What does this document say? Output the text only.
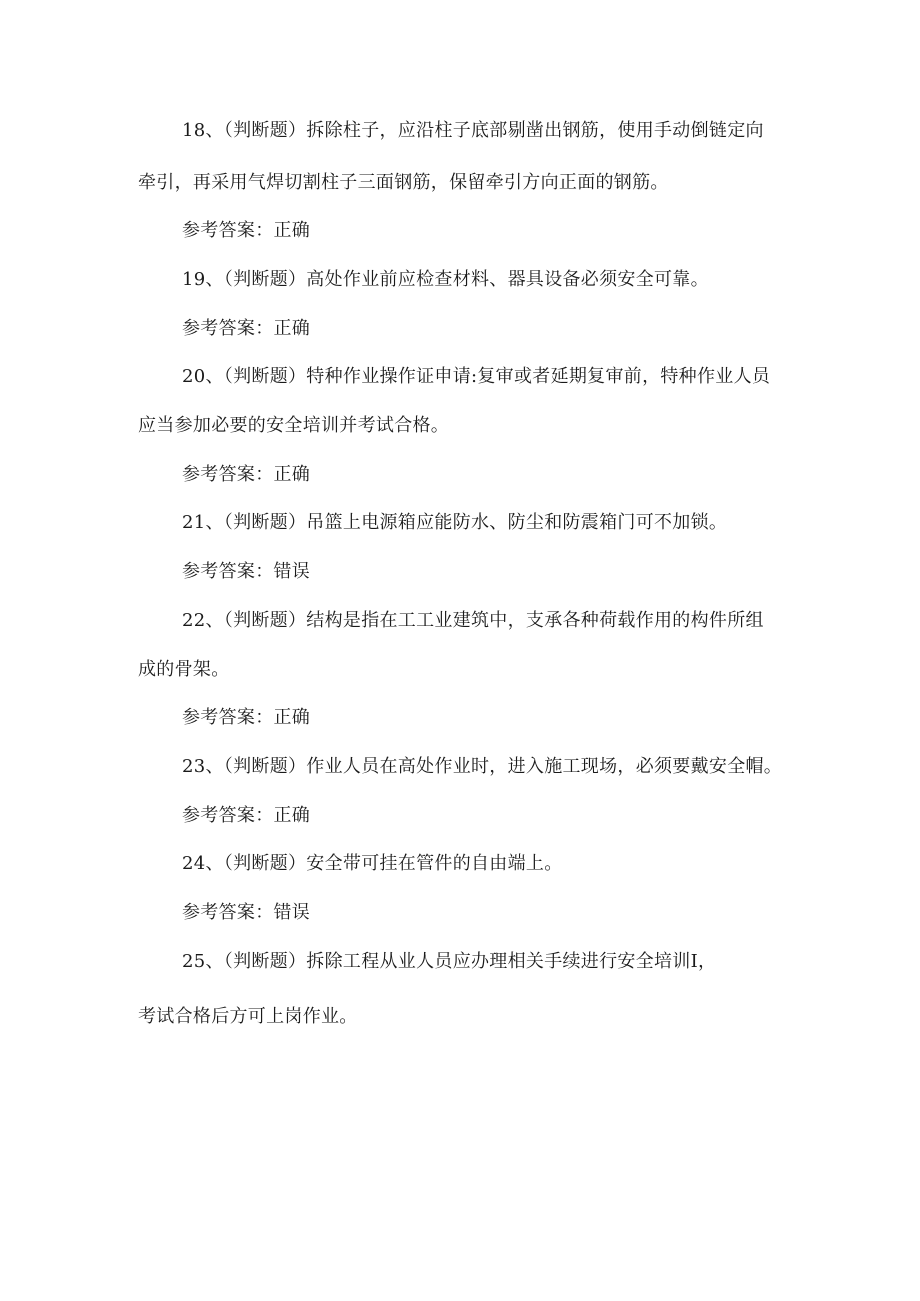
18、（判断题）拆除柱子，应沿柱子底部剔凿出钢筋，使用手动倒链定向
牵引，再采用气焊切割柱子三面钢筋，保留牵引方向正面的钢筋。
参考答案：正确
19、（判断题）高处作业前应检查材料、器具设备必须安全可靠。
参考答案：正确
20、（判断题）特种作业操作证申请:复审或者延期复审前，特种作业人员
应当参加必要的安全培训并考试合格。
参考答案：正确
21、（判断题）吊篮上电源箱应能防水、防尘和防震箱门可不加锁。
参考答案：错误
22、（判断题）结构是指在工工业建筑中，支承各种荷载作用的构件所组
成的骨架。
参考答案：正确
23、（判断题）作业人员在高处作业时，进入施工现场，必须要戴安全帽。
参考答案：正确
24、（判断题）安全带可挂在管件的自由端上。
参考答案：错误
25、（判断题）拆除工程从业人员应办理相关手续进行安全培训I，
考试合格后方可上岗作业。
